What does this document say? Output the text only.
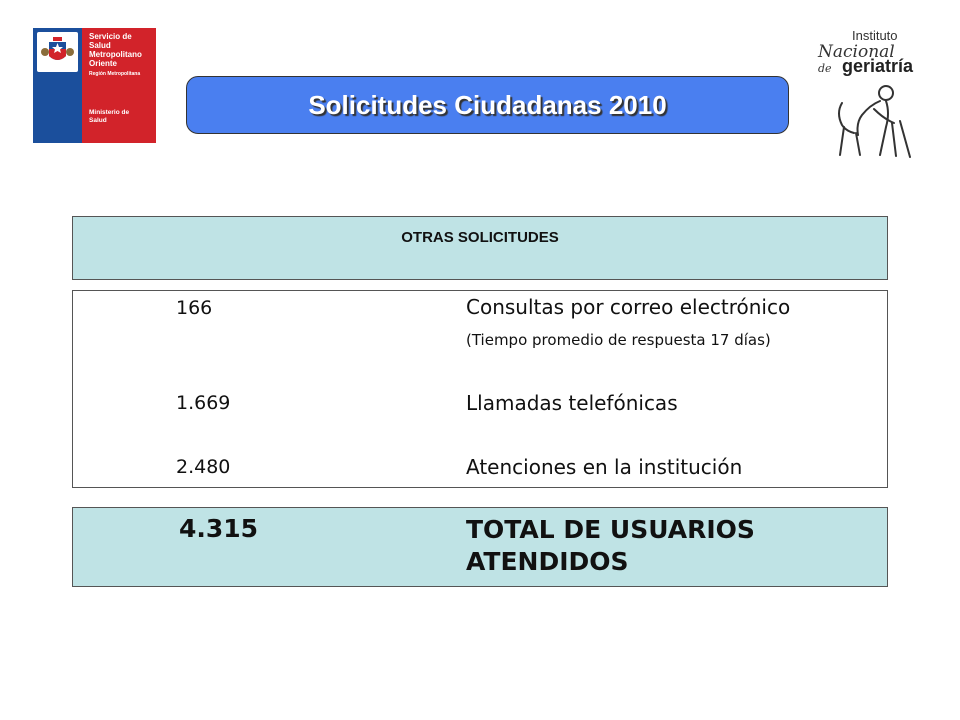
Servicio de
Salud
Metropolitano
Oriente
Región Metropolitana
Ministerio de
Salud
Instituto
Nacional
de geriatría
Solicitudes Ciudadanas 2010
OTRAS SOLICITUDES
166	Consultas por correo electrónico
(Tiempo promedio de respuesta 17 días)
1.669	Llamadas telefónicas
2.480	Atenciones en la institución
4.315	TOTAL DE USUARIOS
ATENDIDOS
